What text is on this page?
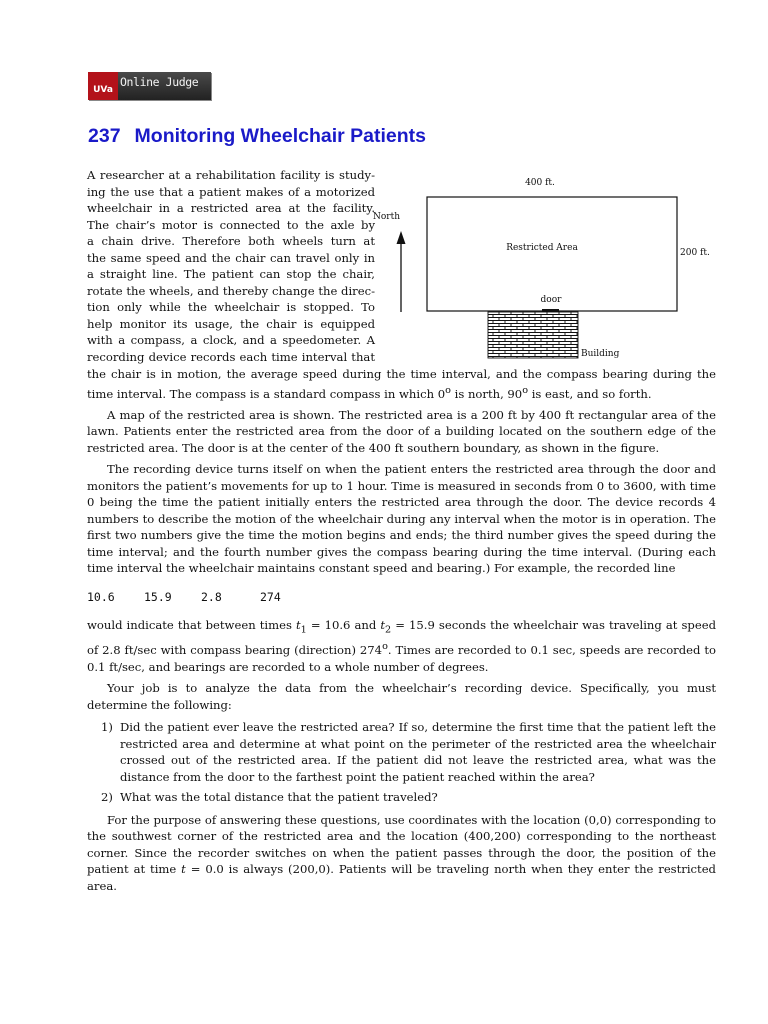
UVa
Online Judge
237 Monitoring Wheelchair Patients
A researcher at a rehabilitation facility is study-
ing the use that a patient makes of a motorized
wheelchair in a restricted area at the facility.
The chair’s motor is connected to the axle by
a chain drive. Therefore both wheels turn at
the same speed and the chair can travel only in
a straight line. The patient can stop the chair,
rotate the wheels, and thereby change the direc-
tion only while the wheelchair is stopped. To
help monitor its usage, the chair is equipped
with a compass, a clock, and a speedometer. A
recording device records each time interval that
400 ft.
North
Restricted Area	200 ft.
door
Building

the chair is in motion, the average speed during the time interval, and the compass bearing during the time interval. The compass is a standard compass in which 0$^o$ is north, 90$^o$ is east, and so forth.

A map of the restricted area is shown. The restricted area is a 200 ft by 400 ft rectangular area of the lawn. Patients enter the restricted area from the door of a building located on the southern edge of the restricted area. The door is at the center of the 400 ft southern boundary, as shown in the figure.

The recording device turns itself on when the patient enters the restricted area through the door and monitors the patient’s movements for up to 1 hour. Time is measured in seconds from 0 to 3600, with time 0 being the time the patient initially enters the restricted area through the door. The device records 4 numbers to describe the motion of the wheelchair during any interval when the motor is in operation. The first two numbers give the time the motion begins and ends; the third number gives the speed during the time interval; and the fourth number gives the compass bearing during the time interval. (During each time interval the wheelchair maintains constant speed and bearing.) For example, the recorded line

10.6	15.9	2.8	274

would indicate that between times $t_1 = 10.6$ and $t_2 = 15.9$ seconds the wheelchair was traveling at speed of 2.8 ft/sec with compass bearing (direction) 274$^o$. Times are recorded to 0.1 sec, speeds are recorded to 0.1 ft/sec, and bearings are recorded to a whole number of degrees.

Your job is to analyze the data from the wheelchair’s recording device. Specifically, you must determine the following:

1) Did the patient ever leave the restricted area? If so, determine the first time that the patient left the restricted area and determine at what point on the perimeter of the restricted area the wheelchair crossed out of the restricted area. If the patient did not leave the restricted area, what was the distance from the door to the farthest point the patient reached within the area?
2) What was the total distance that the patient traveled?

For the purpose of answering these questions, use coordinates with the location (0,0) corresponding to the southwest corner of the restricted area and the location (400,200) corresponding to the northeast corner. Since the recorder switches on when the patient passes through the door, the position of the patient at time t = 0.0 is always (200,0). Patients will be traveling north when they enter the restricted area.
